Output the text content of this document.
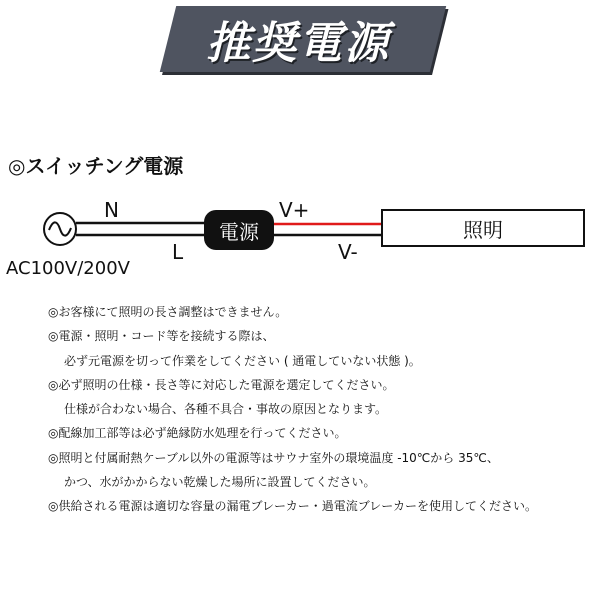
推奨電源
◎スイッチング電源
N
L
AC100V/200V
電源
V+
V-
照明
◎お客様にて照明の長さ調整はできません。
◎電源・照明・コード等を接続する際は、
必ず元電源を切って作業をしてください ( 通電していない状態 )。
◎必ず照明の仕様・長さ等に対応した電源を選定してください。
仕様が合わない場合、各種不具合・事故の原因となります。
◎配線加工部等は必ず絶縁防水処理を行ってください。
◎照明と付属耐熱ケーブル以外の電源等はサウナ室外の環境温度 -10℃から 35℃、
かつ、水がかからない乾燥した場所に設置してください。
◎供給される電源は適切な容量の漏電ブレーカー・過電流ブレーカーを使用してください。
